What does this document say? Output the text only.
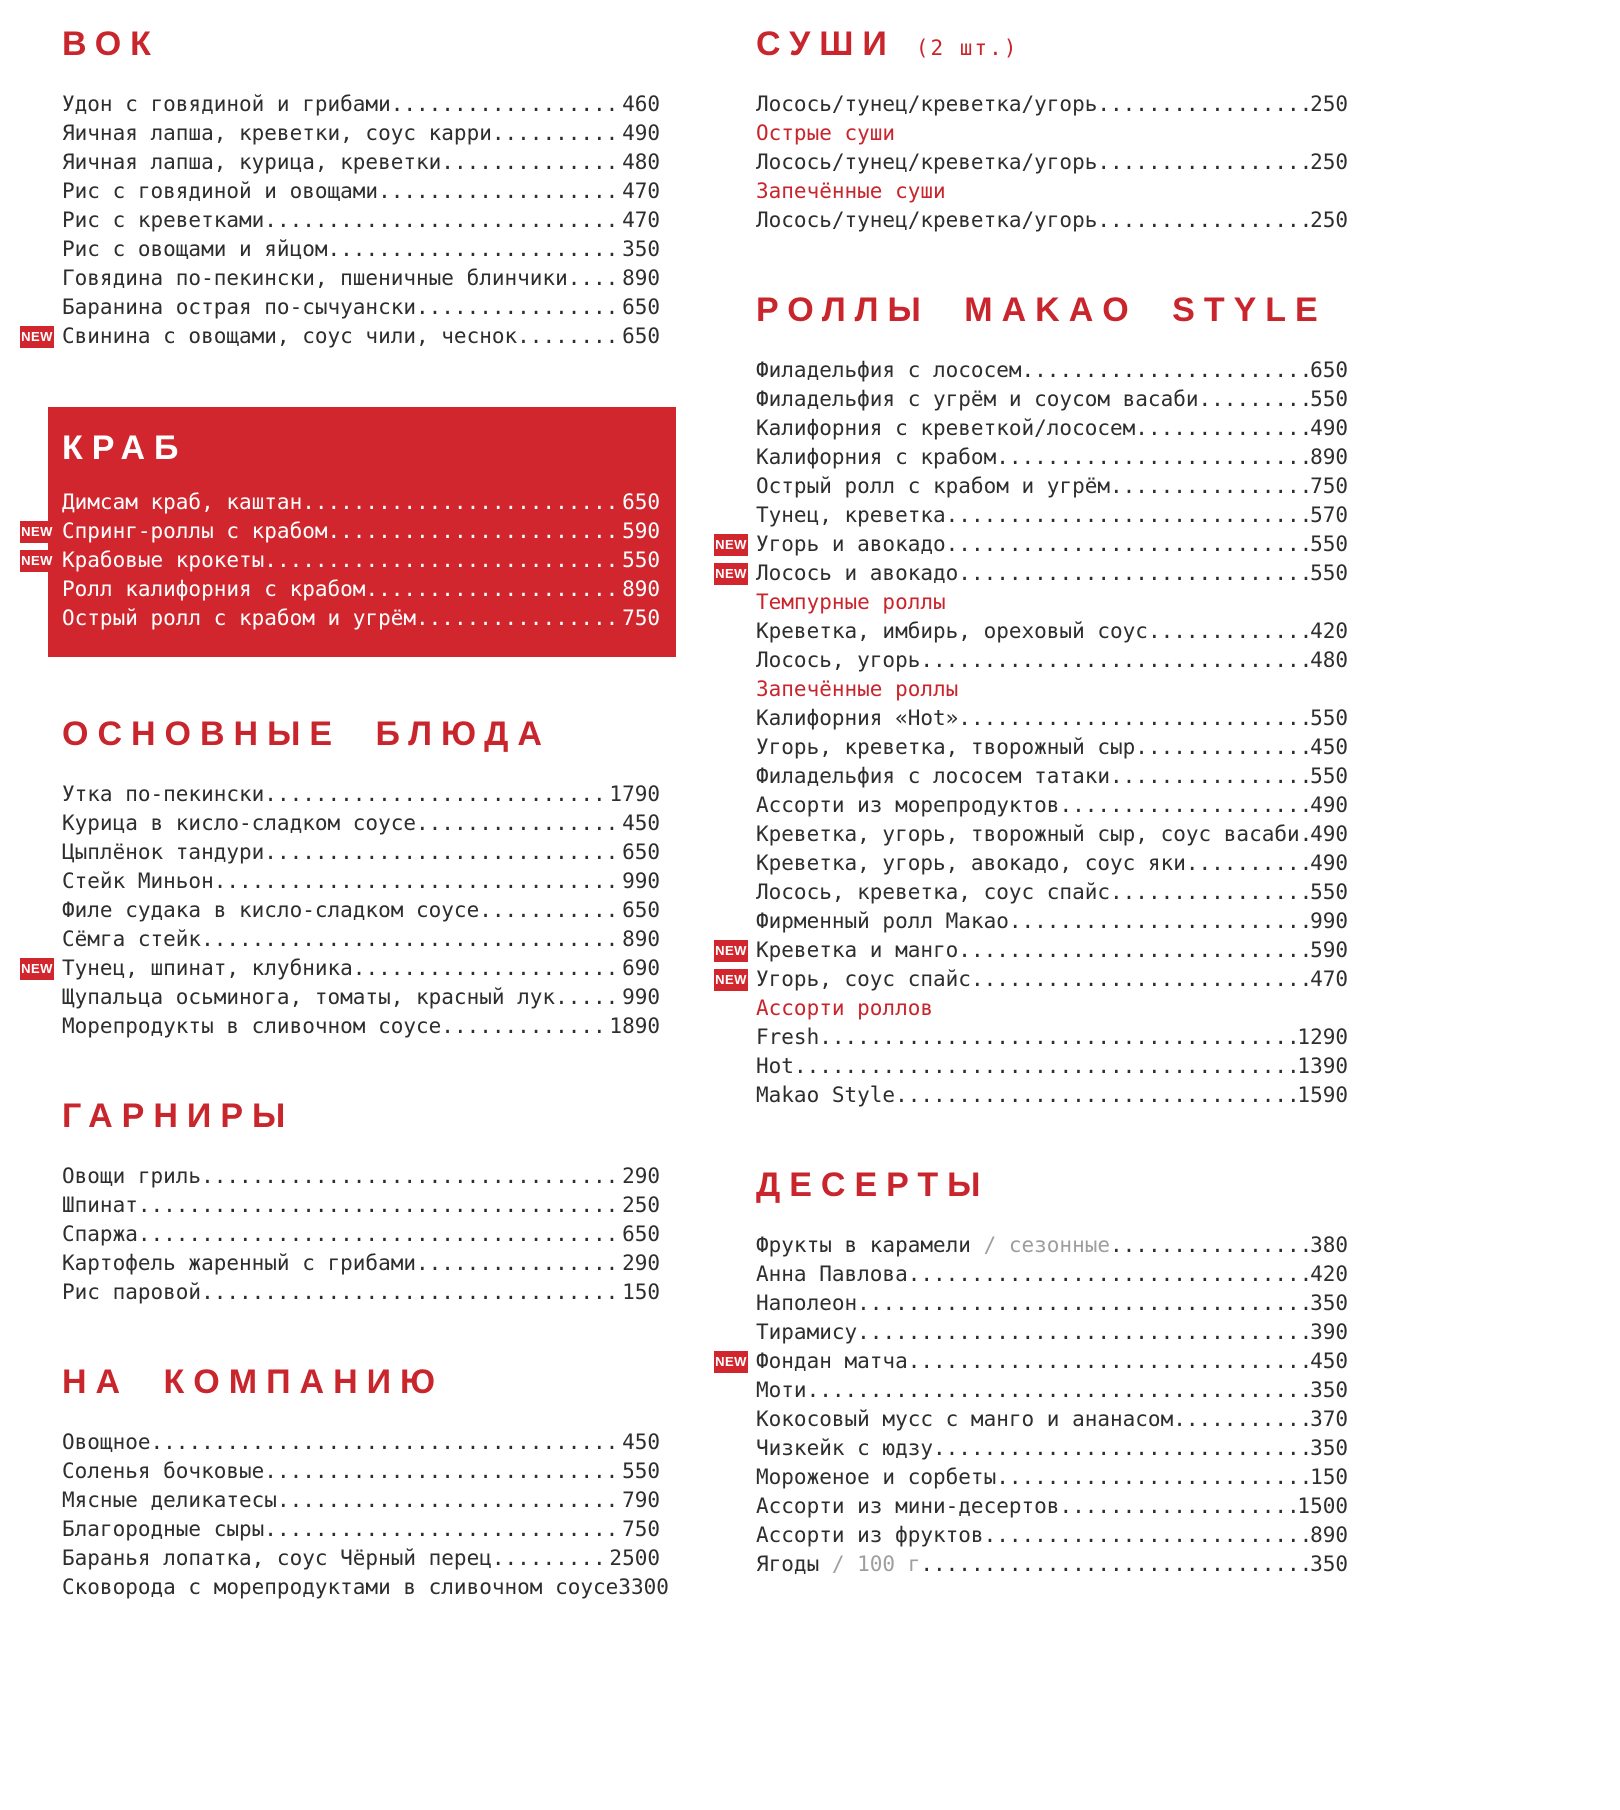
ВОК
Удон с говядиной и грибами .....	460
Яичная лапша, креветки, соус карри .....	490
Яичная лапша, курица, креветки .....	480
Рис с говядиной и овощами .....	470
Рис с креветками .....	470
Рис с овощами и яйцом .....	350
Говядина по-пекински, пшеничные блинчики .....	890
Баранина острая по-сычуански .....	650
NEW Свинина с овощами, соус чили, чеснок .....	650
КРАБ
Димсам краб, каштан .....	650
NEW Спринг-роллы с крабом .....	590
NEW Крабовые крокеты .....	550
Ролл калифорния с крабом .....	890
Острый ролл с крабом и угрём .....	750
ОСНОВНЫЕ БЛЮДА
Утка по-пекински .....	1790
Курица в кисло-сладком соусе .....	450
Цыплёнок тандури .....	650
Стейк Миньон .....	990
Филе судака в кисло-сладком соусе .....	650
Сёмга стейк .....	890
NEW Тунец, шпинат, клубника .....	690
Щупальца осьминога, томаты, красный лук .....	990
Морепродукты в сливочном соусе .....	1890
ГАРНИРЫ
Овощи гриль .....	290
Шпинат .....	250
Спаржа .....	650
Картофель жаренный с грибами .....	290
Рис паровой .....	150
НА КОМПАНИЮ
Овощное .....	450
Соленья бочковые .....	550
Мясные деликатесы .....	790
Благородные сыры .....	750
Баранья лопатка, соус Чёрный перец .....	2500
Сковорода с морепродуктами в сливочном соусе 3300
СУШИ (2 шт.)
Лосось/тунец/креветка/угорь .....	250
Острые суши
Лосось/тунец/креветка/угорь .....	250
Запечённые суши
Лосось/тунец/креветка/угорь .....	250
РОЛЛЫ MAKAO STYLE
Филадельфия с лососем .....	650
Филадельфия с угрём и соусом васаби .....	550
Калифорния с креветкой/лососем .....	490
Калифорния с крабом .....	890
Острый ролл с крабом и угрём .....	750
Тунец, креветка .....	570
NEW Угорь и авокадо .....	550
NEW Лосось и авокадо .....	550
Темпурные роллы
Креветка, имбирь, ореховый соус .....	420
Лосось, угорь .....	480
Запечённые роллы
Калифорния «Hot» .....	550
Угорь, креветка, творожный сыр .....	450
Филадельфия с лососем татаки .....	550
Ассорти из морепродуктов .....	490
Креветка, угорь, творожный сыр, соус васаби ..... 490
Креветка, угорь, авокадо, соус яки .....	490
Лосось, креветка, соус спайс .....	550
Фирменный ролл Макао .....	990
NEW Креветка и манго .....	590
NEW Угорь, соус спайс .....	470
Ассорти роллов
Fresh .....	1290
Hot .....	1390
Makao Style .....	1590
ДЕСЕРТЫ
Фрукты в карамели / сезонные .....	380
Анна Павлова .....	420
Наполеон .....	350
Тирамису .....	390
NEW Фондан матча .....	450
Моти .....	350
Кокосовый мусс с манго и ананасом .....	370
Чизкейк с юдзу .....	350
Мороженое и сорбеты .....	150
Ассорти из мини-десертов .....	1500
Ассорти из фруктов .....	890
Ягоды / 100 г .....	350
